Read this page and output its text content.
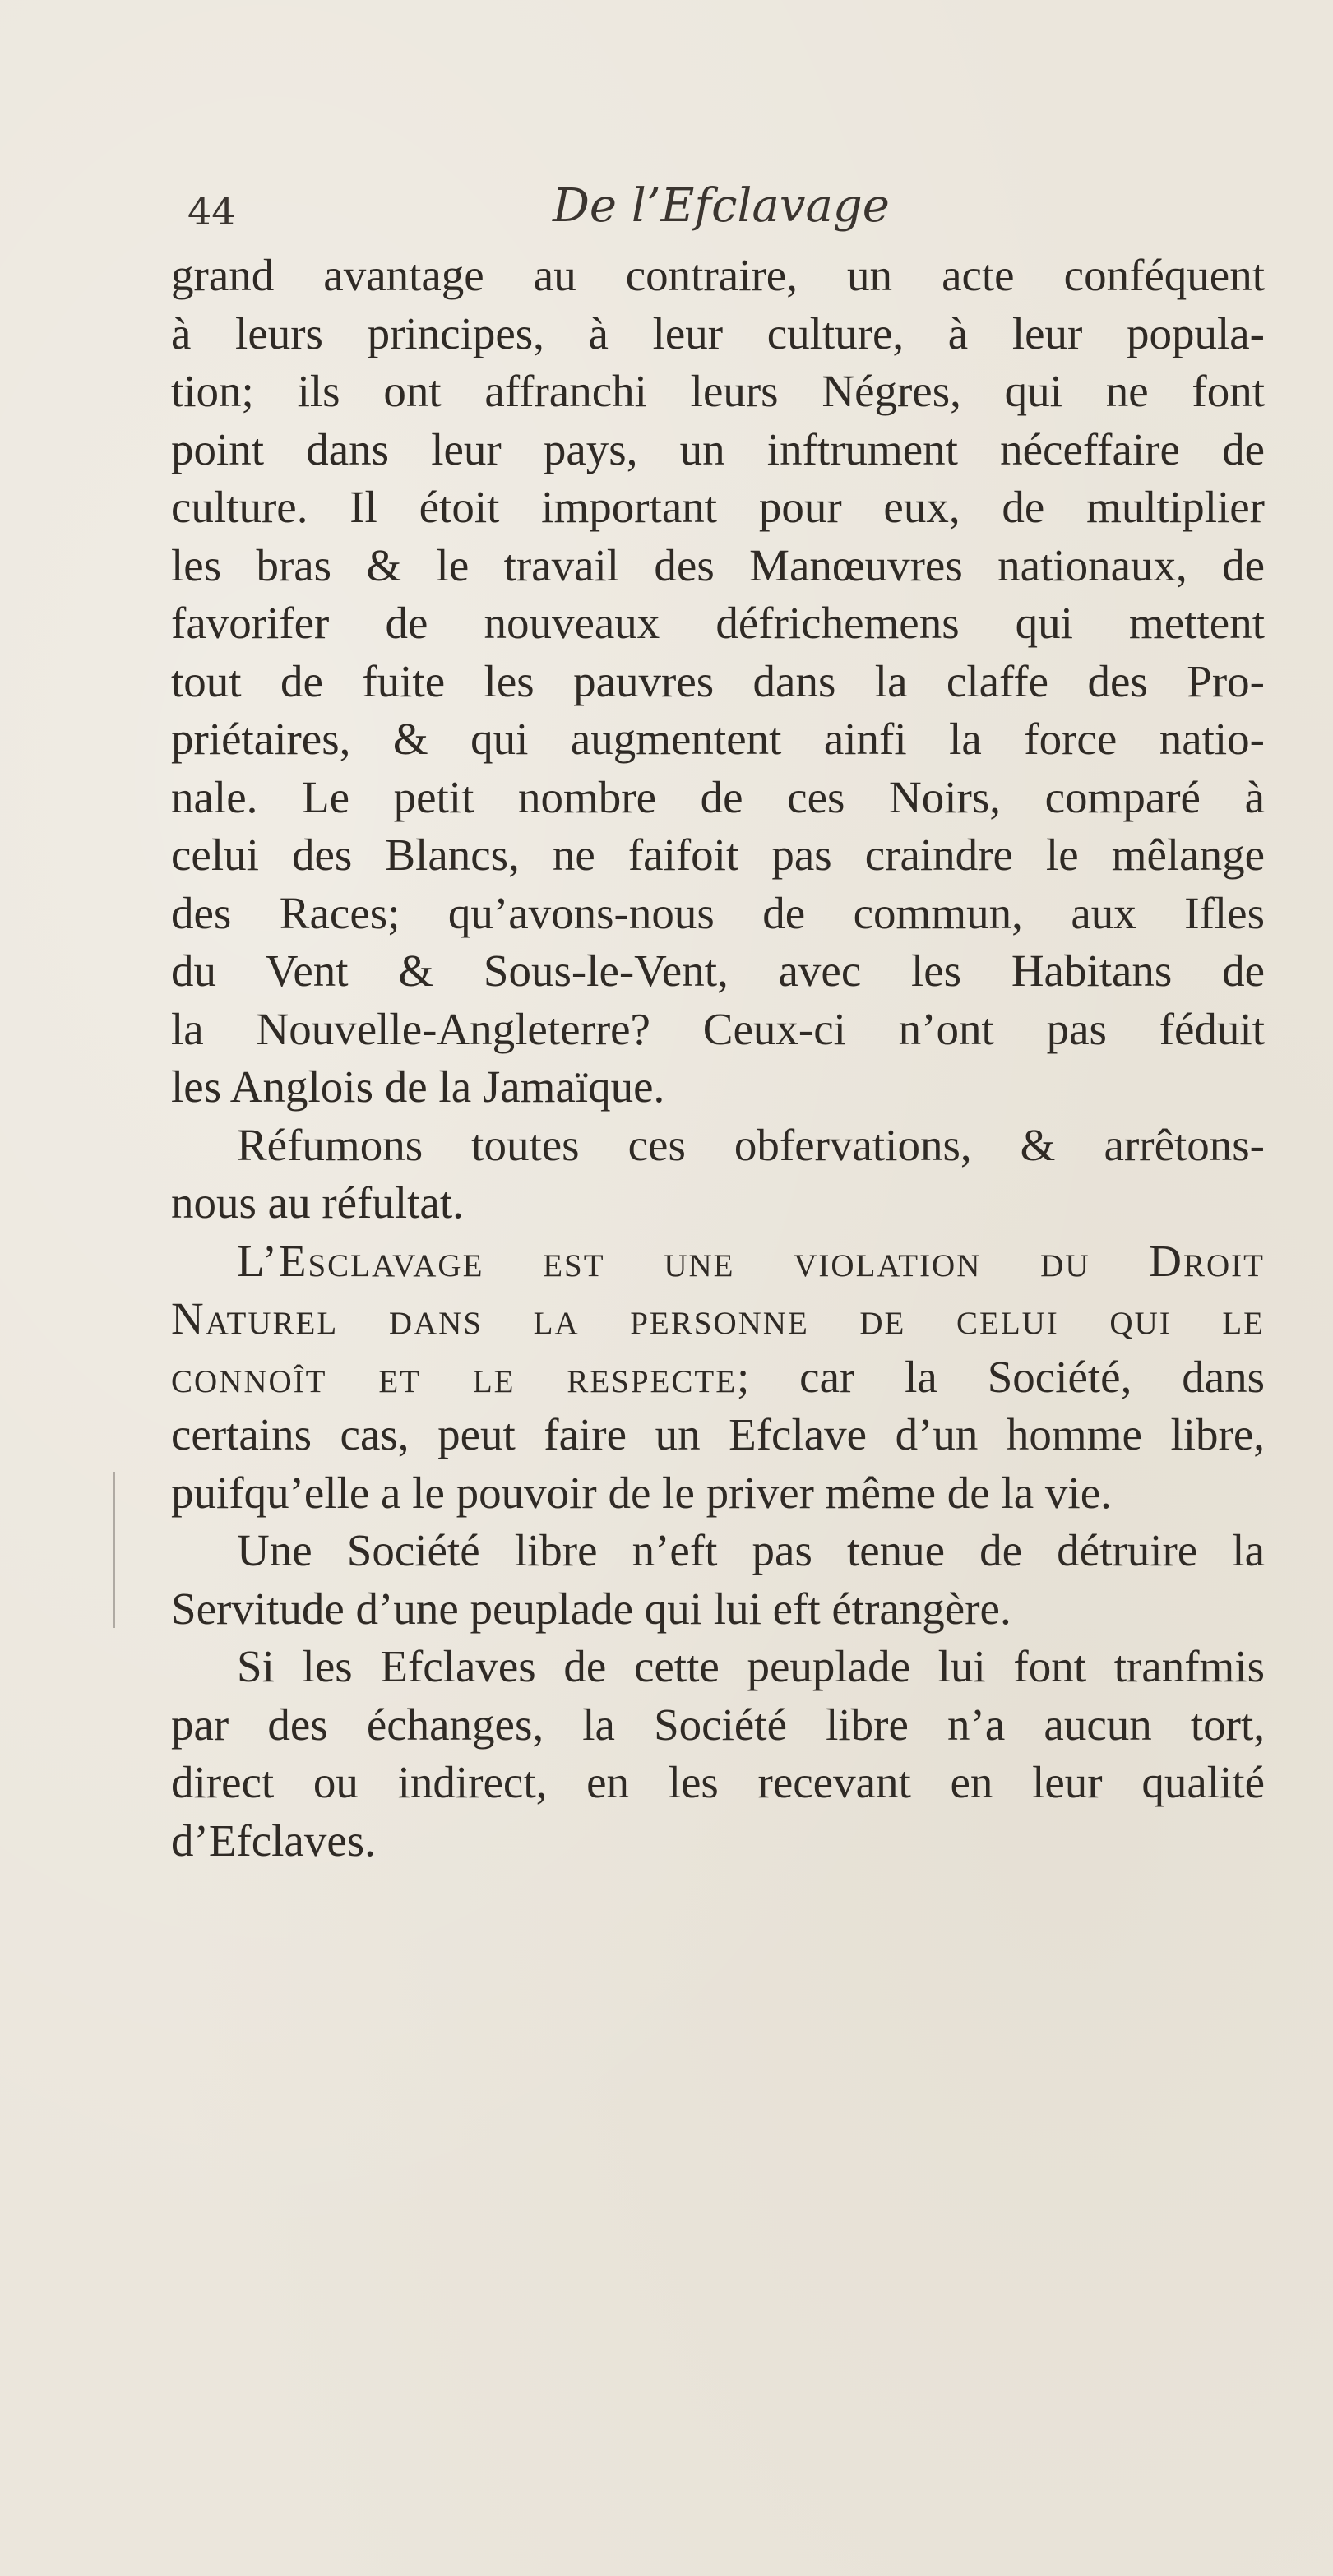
44	De l’Efclavage
grand avantage au contraire, un acte conféquent
à leurs principes, à leur culture, à leur popula-
tion; ils ont affranchi leurs Négres, qui ne font
point dans leur pays, un inftrument néceffaire de
culture. Il étoit important pour eux, de multiplier
les bras & le travail des Manœuvres nationaux, de
favorifer de nouveaux défrichemens qui mettent
tout de fuite les pauvres dans la claffe des Pro-
priétaires, & qui augmentent ainfi la force natio-
nale. Le petit nombre de ces Noirs, comparé à
celui des Blancs, ne faifoit pas craindre le mêlange
des Races; qu’avons-nous de commun, aux Ifles
du Vent & Sous-le-Vent, avec les Habitans de
la Nouvelle-Angleterre? Ceux-ci n’ont pas féduit
les Anglois de la Jamaïque.
Réfumons toutes ces obfervations, & arrêtons-
nous au réfultat.
L’Esclavage est une violation du Droit
Naturel dans la personne de celui qui le
connoît et le respecte; car la Société, dans
certains cas, peut faire un Efclave d’un homme libre,
puifqu’elle a le pouvoir de le priver même de la vie.
Une Société libre n’eft pas tenue de détruire la
Servitude d’une peuplade qui lui eft étrangère.
Si les Efclaves de cette peuplade lui font tranfmis
par des échanges, la Société libre n’a aucun tort,
direct ou indirect, en les recevant en leur qualité
d’Efclaves.
